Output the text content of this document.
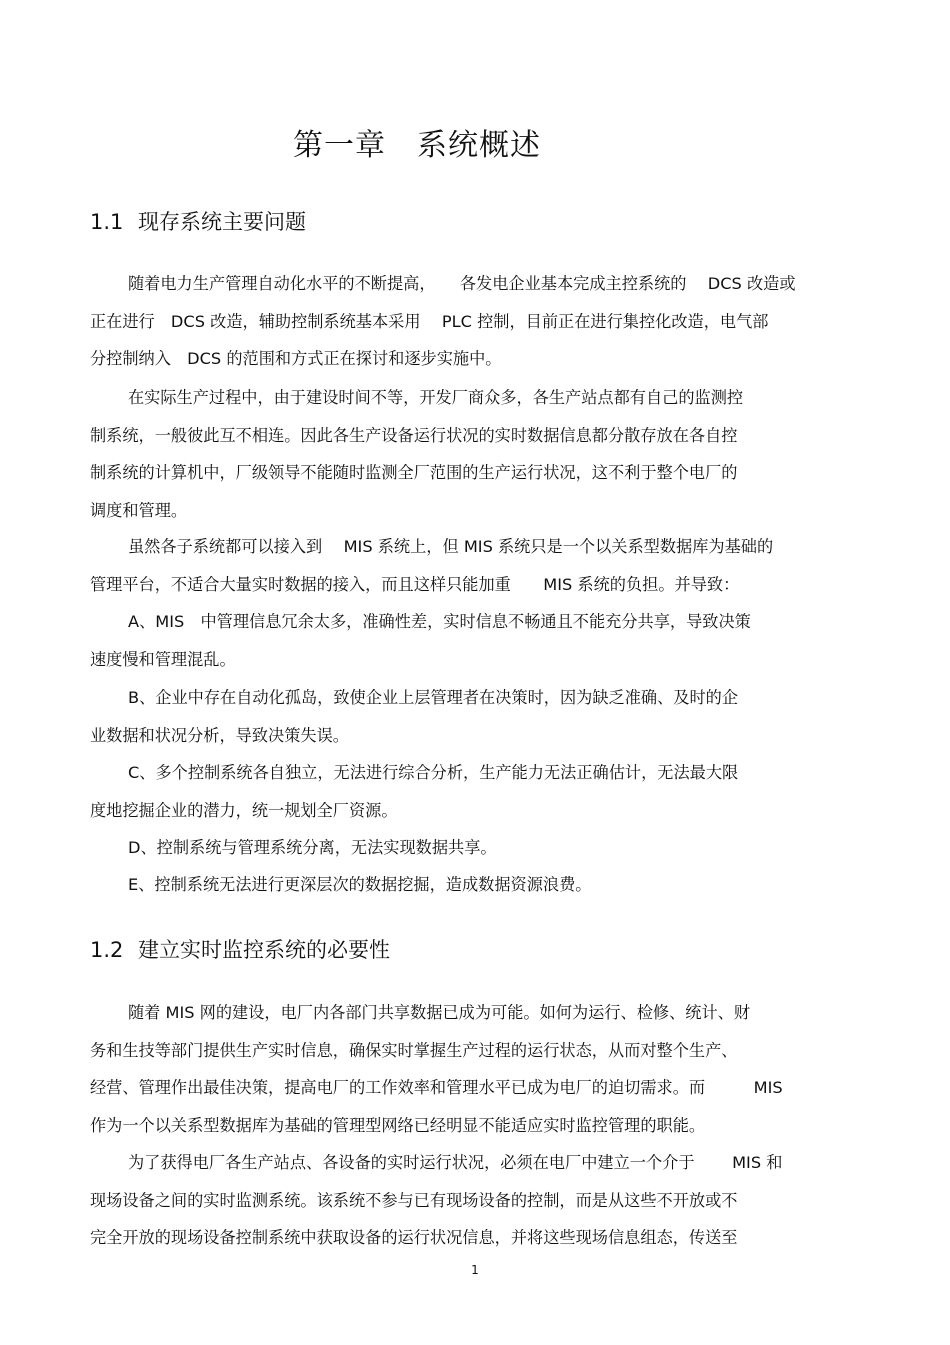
第一章　系统概述
1.1 现存系统主要问题
随着电力生产管理自动化水平的不断提高，　　各发电企业基本完成主控系统的　 DCS 改造或
正在进行　DCS 改造，辅助控制系统基本采用　 PLC 控制，目前正在进行集控化改造，电气部
分控制纳入　DCS 的范围和方式正在探讨和逐步实施中。
在实际生产过程中，由于建设时间不等，开发厂商众多，各生产站点都有自己的监测控
制系统，一般彼此互不相连。因此各生产设备运行状况的实时数据信息都分散存放在各自控
制系统的计算机中，厂级领导不能随时监测全厂范围的生产运行状况，这不利于整个电厂的
调度和管理。
虽然各子系统都可以接入到　 MIS 系统上，但 MIS 系统只是一个以关系型数据库为基础的
管理平台，不适合大量实时数据的接入，而且这样只能加重　　MIS 系统的负担。并导致：
A、MIS　中管理信息冗余太多，准确性差，实时信息不畅通且不能充分共享，导致决策
速度慢和管理混乱。
B、企业中存在自动化孤岛，致使企业上层管理者在决策时，因为缺乏准确、及时的企
业数据和状况分析，导致决策失误。
C、多个控制系统各自独立，无法进行综合分析，生产能力无法正确估计，无法最大限
度地挖掘企业的潜力，统一规划全厂资源。
D、控制系统与管理系统分离，无法实现数据共享。
E、控制系统无法进行更深层次的数据挖掘，造成数据资源浪费。
1.2 建立实时监控系统的必要性
随着 MIS 网的建设，电厂内各部门共享数据已成为可能。如何为运行、检修、统计、财
务和生技等部门提供生产实时信息，确保实时掌握生产过程的运行状态，从而对整个生产、
经营、管理作出最佳决策，提高电厂的工作效率和管理水平已成为电厂的迫切需求。而　　　MIS
作为一个以关系型数据库为基础的管理型网络已经明显不能适应实时监控管理的职能。
为了获得电厂各生产站点、各设备的实时运行状况，必须在电厂中建立一个介于　　 MIS 和
现场设备之间的实时监测系统。该系统不参与已有现场设备的控制，而是从这些不开放或不
完全开放的现场设备控制系统中获取设备的运行状况信息，并将这些现场信息组态，传送至
1
